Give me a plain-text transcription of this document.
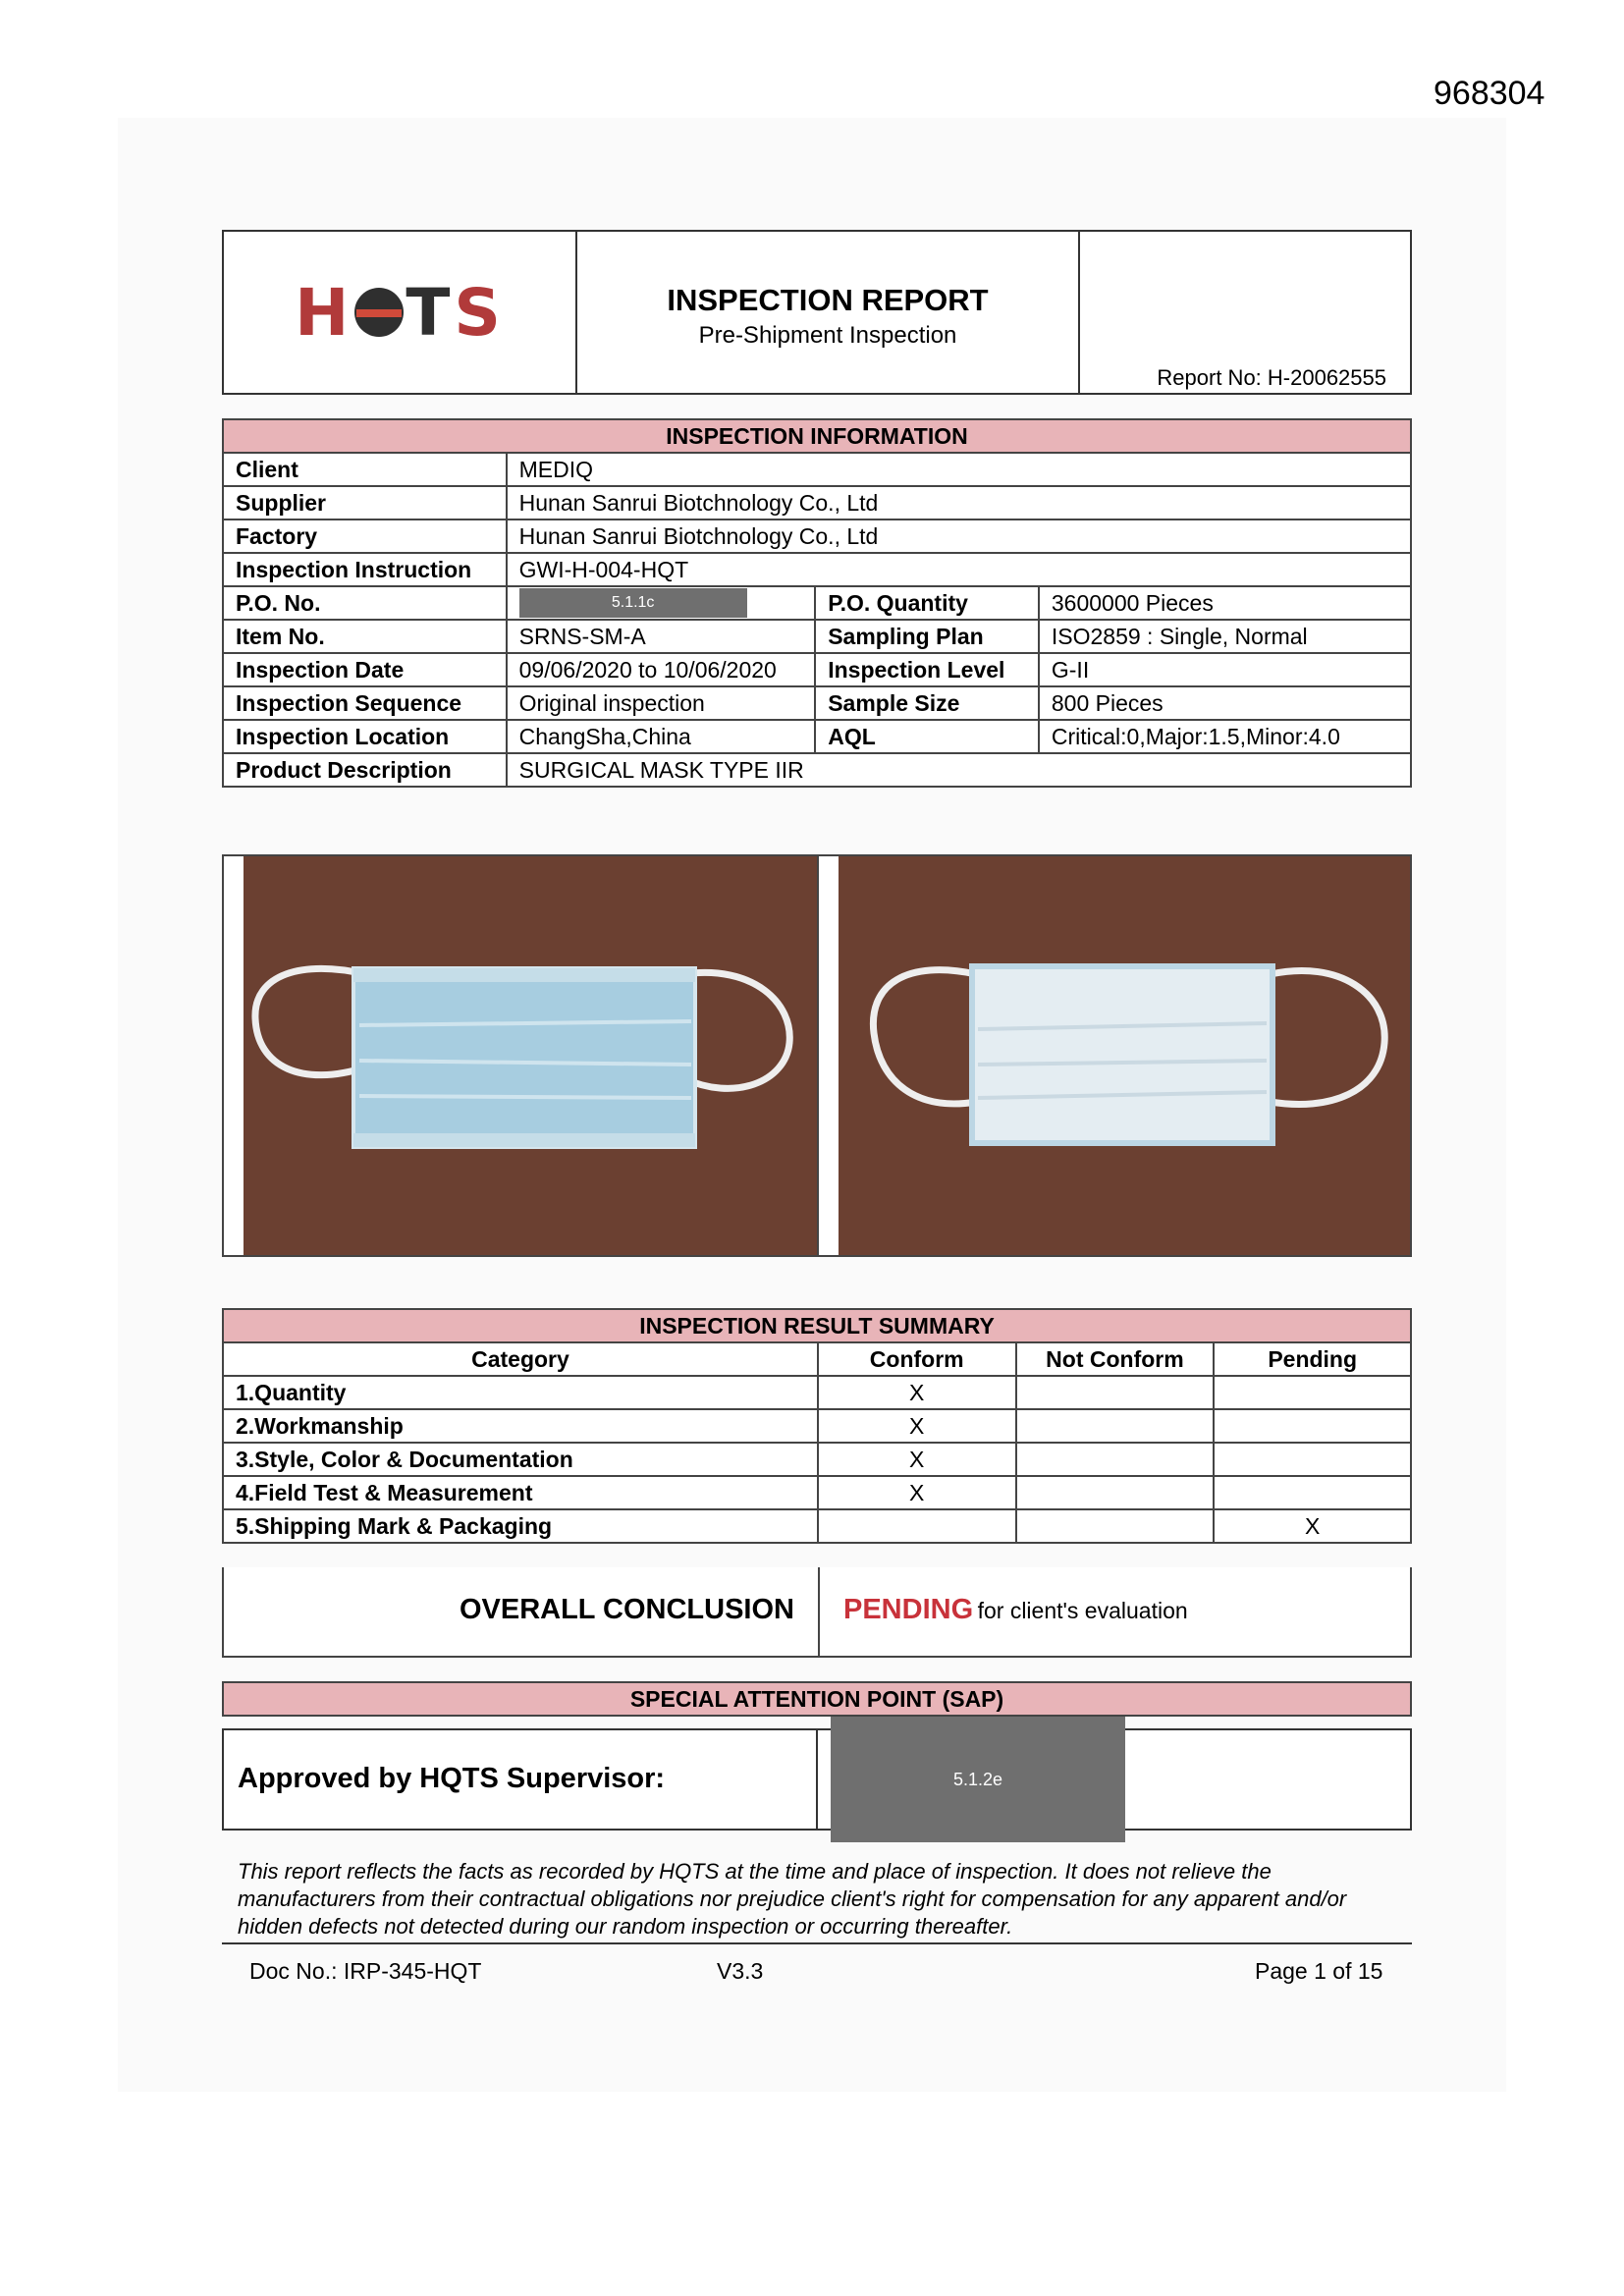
968304
H T S	INSPECTION REPORT
Pre-Shipment Inspection
Report No: H-20062555
INSPECTION INFORMATION			
Client	MEDIQ		
Supplier	Hunan Sanrui Biotchnology Co., Ltd		
Factory	Hunan Sanrui Biotchnology Co., Ltd		
Inspection Instruction	GWI-H-004-HQT		
P.O. No.	5.1.1c	P.O. Quantity	3600000 Pieces
Item No.	SRNS-SM-A	Sampling Plan	ISO2859 : Single, Normal
Inspection Date	09/06/2020 to 10/06/2020	Inspection Level	G-II
Inspection Sequence	Original inspection	Sample Size	800 Pieces
Inspection Location	ChangSha,China	AQL	Critical:0,Major:1.5,Minor:4.0
Product Description	SURGICAL MASK TYPE IIR		
INSPECTION RESULT SUMMARY			
Category	Conform	Not Conform	Pending
1.Quantity	X		
2.Workmanship	X		
3.Style, Color & Documentation	X		
4.Field Test & Measurement	X		
5.Shipping Mark & Packaging			X
OVERALL CONCLUSION	PENDING for client's evaluation
SPECIAL ATTENTION POINT (SAP)
Approved by HQTS Supervisor:	5.1.2e
This report reflects the facts as recorded by HQTS at the time and place of inspection. It does not relieve the manufacturers from their contractual obligations nor prejudice client's right for compensation for any apparent and/or hidden defects not detected during our random inspection or occurring thereafter.
Doc No.: IRP-345-HQT	V3.3	Page 1 of 15
